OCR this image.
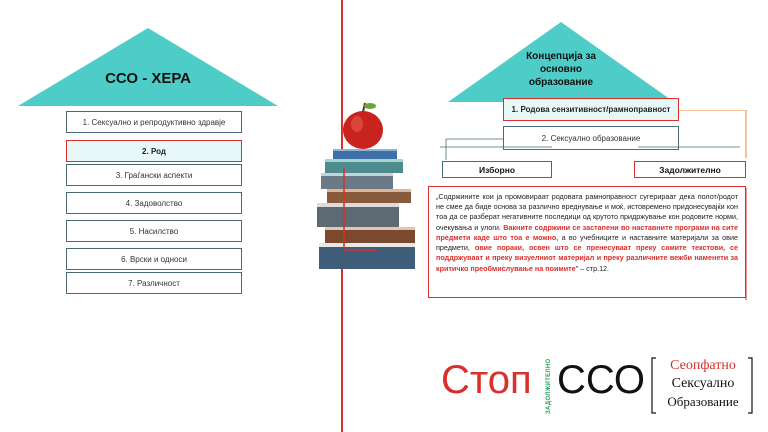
ССО - ХЕРА
1. Сексуално и репродуктивно здравје
2. Род
3. Граѓански аспекти
4. Задоволство
5. Насилство
6. Врски и односи
7. Различност
Концепција за
основно
образование
1. Родова сензитивност/рамноправност
2. Сексуално образование
Изборно	Задолжително
„Содржините кои ја промовираат родовата рамноправност сугерираат дека полот/родот не смее да биде основа за различно вреднување и моќ, истовремено придонесувајќи кон тоа да се разберат негативните последици од крутото придржување кон родовите норми, очекувања и улоги. Вакните содржини се застапени во наставните програми на сите предмети каде што тоа е можно, а во учебниците и наставните материјали за овие предмети, овие пораки, освен што се пренесуваат преку самите текстови, се поддржуваат и преку визуелниот материјал и преку различните вежби наменети за критичко преобмислување на поимите" – стр.12.
Стоп ЗАДОЛЖИТЕЛНО ССО	Сеопфатно
Сексуално
Образование
